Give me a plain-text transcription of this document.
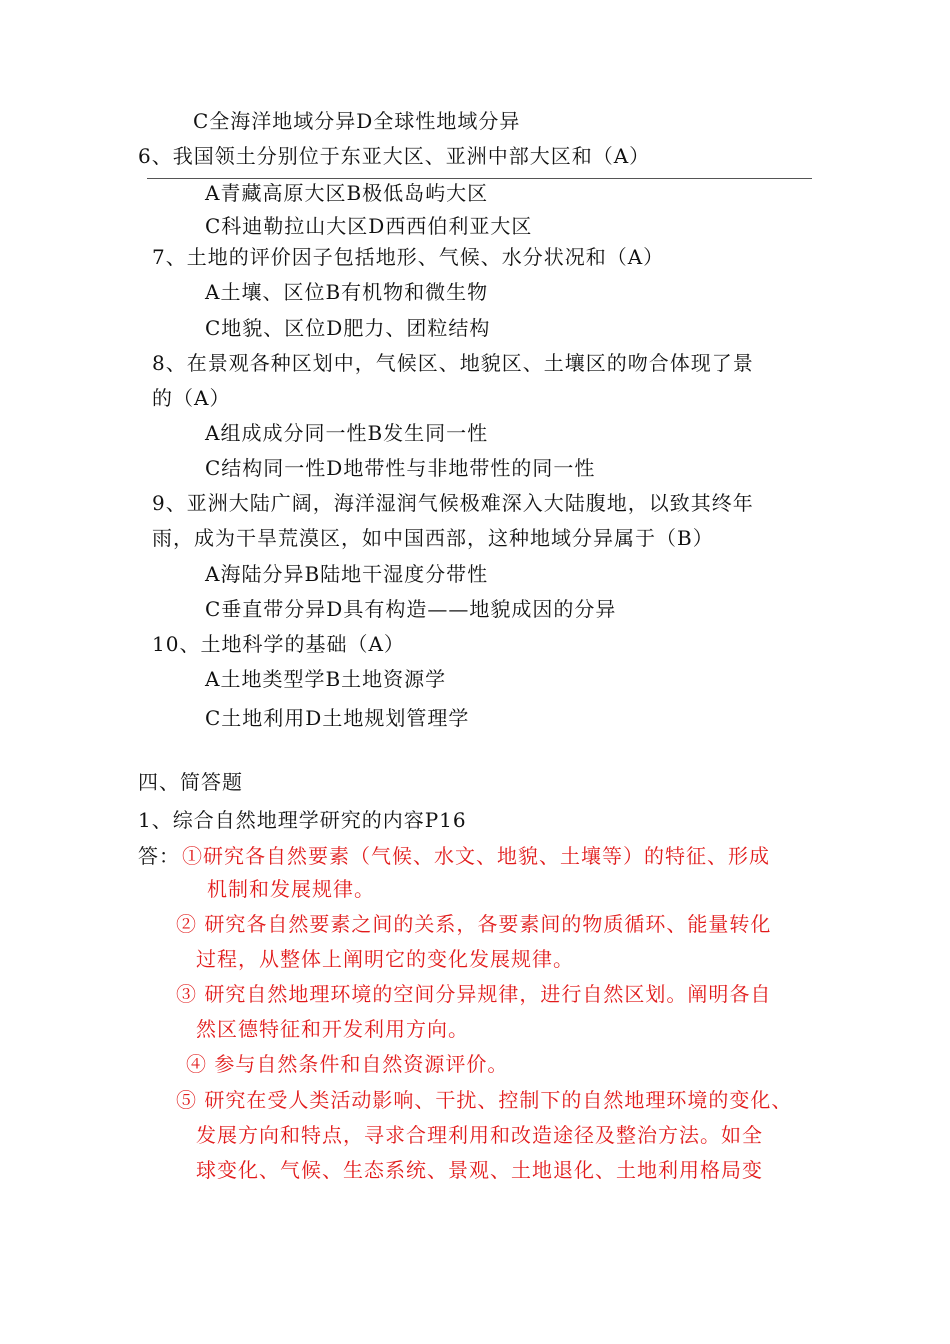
C全海洋地域分异D全球性地域分异
6、我国领土分别位于东亚大区、亚洲中部大区和（A）
A青藏高原大区B极低岛屿大区
C科迪勒拉山大区D西西伯利亚大区
7、土地的评价因子包括地形、气候、水分状况和（A）
A土壤、区位B有机物和微生物
C地貌、区位D肥力、团粒结构
8、在景观各种区划中，气候区、地貌区、土壤区的吻合体现了景
的（A）
A组成成分同一性B发生同一性
C结构同一性D地带性与非地带性的同一性
9、亚洲大陆广阔，海洋湿润气候极难深入大陆腹地，以致其终年
雨，成为干旱荒漠区，如中国西部，这种地域分异属于（B）
A海陆分异B陆地干湿度分带性
C垂直带分异D具有构造——地貌成因的分异
10、土地科学的基础（A）
A土地类型学B土地资源学
C土地利用D土地规划管理学
四、简答题
1、综合自然地理学研究的内容P16
答： ①研究各自然要素（气候、水文、地貌、土壤等）的特征、形成
机制和发展规律。
② 研究各自然要素之间的关系，各要素间的物质循环、能量转化
过程，从整体上阐明它的变化发展规律。
③ 研究自然地理环境的空间分异规律，进行自然区划。阐明各自
然区德特征和开发利用方向。
④ 参与自然条件和自然资源评价。
⑤ 研究在受人类活动影响、干扰、控制下的自然地理环境的变化、
发展方向和特点，寻求合理利用和改造途径及整治方法。如全
球变化、气候、生态系统、景观、土地退化、土地利用格局变
